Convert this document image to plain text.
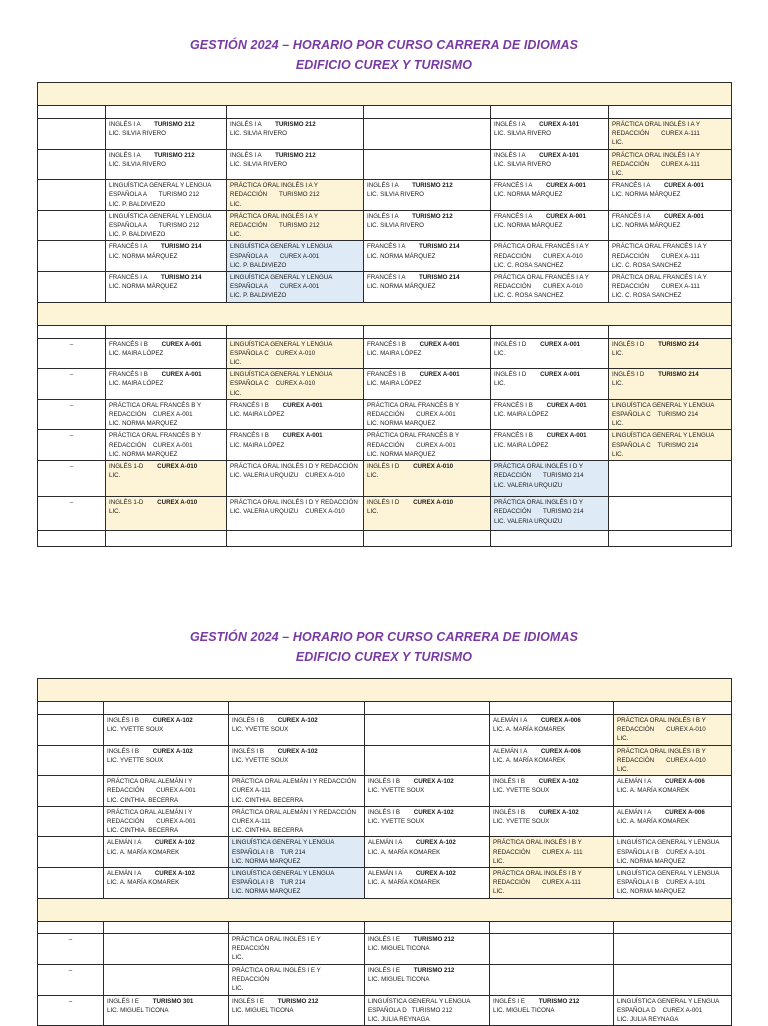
GESTIÓN 2024 – HORARIO POR CURSO CARRERA DE IDIOMAS
EDIFICIO CUREX Y TURISMO

	INGLÉS I A TURISMO 212
LIC. SILVIA RIVERO	INGLÉS I A TURISMO 212
LIC. SILVIA RIVERO		INGLÉS I A CUREX A-101
LIC. SILVIA RIVERO	PRÁCTICA ORAL INGLÉS I A Y
REDACCIÓN       CUREX A-111
LIC.

	INGLÉS I A TURISMO 212
LIC. SILVIA RIVERO	INGLÉS I A TURISMO 212
LIC. SILVIA RIVERO		INGLÉS I A CUREX A-101
LIC. SILVIA RIVERO	PRÁCTICA ORAL INGLÉS I A Y
REDACCIÓN       CUREX A-111
LIC.

	LINGUÍSTICA GENERAL Y LENGUA
ESPAÑOLA A       TURISMO 212
LIC. P. BALDIVIEZO	PRÁCTICA ORAL INGLÉS I A Y
REDACCIÓN       TURISMO 212
LIC.	INGLÉS I A TURISMO 212
LIC. SILVIA RIVERO	FRANCÉS I A CUREX A-001
LIC. NORMA MÁRQUEZ	FRANCÉS I A CUREX A-001
LIC. NORMA MÁRQUEZ

	LINGUÍSTICA GENERAL Y LENGUA
ESPAÑOLA A       TURISMO 212
LIC. P. BALDIVIEZO	PRÁCTICA ORAL INGLÉS I A Y
REDACCIÓN       TURISMO 212
LIC.	INGLÉS I A TURISMO 212
LIC. SILVIA RIVERO	FRANCÉS I A CUREX A-001
LIC. NORMA MÁRQUEZ	FRANCÉS I A CUREX A-001
LIC. NORMA MÁRQUEZ

	FRANCÉS I A TURISMO 214
LIC. NORMA MÁRQUEZ	LINGUÍSTICA GENERAL Y LENGUA
ESPAÑOLA A       CUREX A-001
LIC. P. BALDIVIEZO	FRANCÉS I A TURISMO 214
LIC. NORMA MÁRQUEZ	PRÁCTICA ORAL FRANCÉS I A Y
REDACCIÓN       CUREX A-010
LIC. C. ROSA SANCHEZ	PRÁCTICA ORAL FRANCÉS I A Y
REDACCIÓN       CUREX A-111
LIC. C. ROSA SANCHEZ

	FRANCÉS I A TURISMO 214
LIC. NORMA MÁRQUEZ	LINGUÍSTICA GENERAL Y LENGUA
ESPAÑOLA A       CUREX A-001
LIC. P. BALDIVIEZO	FRANCÉS I A TURISMO 214
LIC. NORMA MÁRQUEZ	PRÁCTICA ORAL FRANCÉS I A Y
REDACCIÓN       CUREX A-010
LIC. C. ROSA SANCHEZ	PRÁCTICA ORAL FRANCÉS I A Y
REDACCIÓN       CUREX A-111
LIC. C. ROSA SANCHEZ

–	FRANCÉS I B CUREX A-001
LIC. MAIRA LÓPEZ	LINGUÍSTICA GENERAL Y LENGUA
ESPAÑOLA C    CUREX A-010
LIC.	FRANCÉS I B CUREX A-001
LIC. MAIRA LÓPEZ	INGLÉS I D CUREX A-001
LIC.	INGLÉS I D TURISMO 214
LIC.

–	FRANCÉS I B CUREX A-001
LIC. MAIRA LÓPEZ	LINGUÍSTICA GENERAL Y LENGUA
ESPAÑOLA C    CUREX A-010
LIC.	FRANCÉS I B CUREX A-001
LIC. MAIRA LÓPEZ	INGLÉS I D CUREX A-001
LIC.	INGLÉS I D TURISMO 214
LIC.

–	PRÁCTICA ORAL FRANCÉS B Y
REDACCIÓN    CUREX A-001
LIC. NORMA MARQUEZ	FRANCÉS I B CUREX A-001
LIC. MAIRA LÓPEZ	PRÁCTICA ORAL FRANCÉS B Y
REDACCIÓN       CUREX A-001
LIC. NORMA MARQUEZ	FRANCÉS I B CUREX A-001
LIC. MAIRA LÓPEZ	LINGUÍSTICA GENERAL Y LENGUA
ESPAÑOLA C    TURISMO 214
LIC.

–	PRÁCTICA ORAL FRANCÉS B Y
REDACCIÓN    CUREX A-001
LIC. NORMA MARQUEZ	FRANCÉS I B CUREX A-001
LIC. MAIRA LÓPEZ	PRÁCTICA ORAL FRANCÉS B Y
REDACCIÓN       CUREX A-001
LIC. NORMA MARQUEZ	FRANCÉS I B CUREX A-001
LIC. MAIRA LÓPEZ	LINGUÍSTICA GENERAL Y LENGUA
ESPAÑOLA C    TURISMO 214
LIC.

–	INGLÉS 1-D CUREX A-010
LIC.	PRÁCTICA ORAL INGLÉS I D Y REDACCIÓN
LIC. VALERIA URQUIZU    CUREX A-010	INGLÉS I D CUREX A-010
LIC.	PRÁCTICA ORAL INGLÉS I D Y
REDACCIÓN       TURISMO 214
LIC. VALERIA URQUIZU	

–	INGLÉS 1-D CUREX A-010
LIC.	PRÁCTICA ORAL INGLÉS I D Y REDACCIÓN
LIC. VALERIA URQUIZU    CUREX A-010	INGLÉS I D CUREX A-010
LIC.	PRÁCTICA ORAL INGLÉS I D Y
REDACCIÓN       TURISMO 214
LIC. VALERIA URQUIZU	

GESTIÓN 2024 – HORARIO POR CURSO CARRERA DE IDIOMAS
EDIFICIO CUREX Y TURISMO

	INGLÉS I B CUREX A-102
LIC. YVETTE SOUX	INGLÉS I B CUREX A-102
LIC. YVETTE SOUX		ALEMÁN I A CUREX A-006
LIC. A. MARÍA KOMAREK	PRÁCTICA ORAL INGLÉS I B Y
REDACCIÓN       CUREX A-010
LIC.

	INGLÉS I B CUREX A-102
LIC. YVETTE SOUX	INGLÉS I B CUREX A-102
LIC. YVETTE SOUX		ALEMÁN I A CUREX A-006
LIC. A. MARÍA KOMAREK	PRÁCTICA ORAL INGLÉS I B Y
REDACCIÓN       CUREX A-010
LIC.

	PRÁCTICA ORAL ALEMÁN I Y
REDACCIÓN       CUREX A-001
LIC. CINTHIA. BECERRA	PRÁCTICA ORAL ALEMÁN I Y REDACCIÓN
CUREX A-111
LIC. CINTHIA. BECERRA	INGLÉS I B CUREX A-102
LIC. YVETTE SOUX	INGLÉS I B CUREX A-102
LIC. YVETTE SOUX	ALEMÁN I A CUREX A-006
LIC. A. MARÍA KOMAREK

	PRÁCTICA ORAL ALEMÁN I Y
REDACCIÓN       CUREX A-001
LIC. CINTHIA. BECERRA	PRÁCTICA ORAL ALEMÁN I Y REDACCIÓN
CUREX A-111
LIC. CINTHIA. BECERRA	INGLÉS I B CUREX A-102
LIC. YVETTE SOUX	INGLÉS I B CUREX A-102
LIC. YVETTE SOUX	ALEMÁN I A CUREX A-006
LIC. A. MARÍA KOMAREK

	ALEMÁN I A CUREX A-102
LIC. A. MARÍA KOMAREK	LINGUÍSTICA GENERAL Y LENGUA
ESPAÑOLA I B    TUR 214
LIC. NORMA MARQUEZ	ALEMÁN I A CUREX A-102
LIC. A. MARÍA KOMAREK	PRÁCTICA ORAL INGLÉS I B Y
REDACCIÓN       CUREX A- 111
LIC.	LINGUÍSTICA GENERAL Y LENGUA
ESPAÑOLA I B    CUREX A-101
LIC. NORMA MARQUEZ

	ALEMÁN I A CUREX A-102
LIC. A. MARÍA KOMAREK	LINGUÍSTICA GENERAL Y LENGUA
ESPAÑOLA I B    TUR 214
LIC. NORMA MARQUEZ	ALEMÁN I A CUREX A-102
LIC. A. MARÍA KOMAREK	PRÁCTICA ORAL INGLÉS I B Y
REDACCIÓN       CUREX A-111
LIC.	LINGUÍSTICA GENERAL Y LENGUA
ESPAÑOLA I B    CUREX A-101
LIC. NORMA MARQUEZ

–		PRÁCTICA ORAL INGLÉS I E Y
REDACCIÓN
LIC.	INGLÉS I E TURISMO 212
LIC. MIGUEL TICONA		

–		PRÁCTICA ORAL INGLÉS I E Y
REDACCIÓN
LIC.	INGLÉS I E TURISMO 212
LIC. MIGUEL TICONA		

–	INGLÉS I E TURISMO 301
LIC. MIGUEL TICONA	INGLÉS I E TURISMO 212
LIC. MIGUEL TICONA	LINGUÍSTICA GENERAL Y LENGUA
ESPAÑOLA D   TURISMO 212
LIC. JULIA REYNAGA	INGLÉS I E TURISMO 212
LIC. MIGUEL TICONA	LINGUÍSTICA GENERAL Y LENGUA
ESPAÑOLA D    CUREX A-001
LIC. JULIA REYNAGA
